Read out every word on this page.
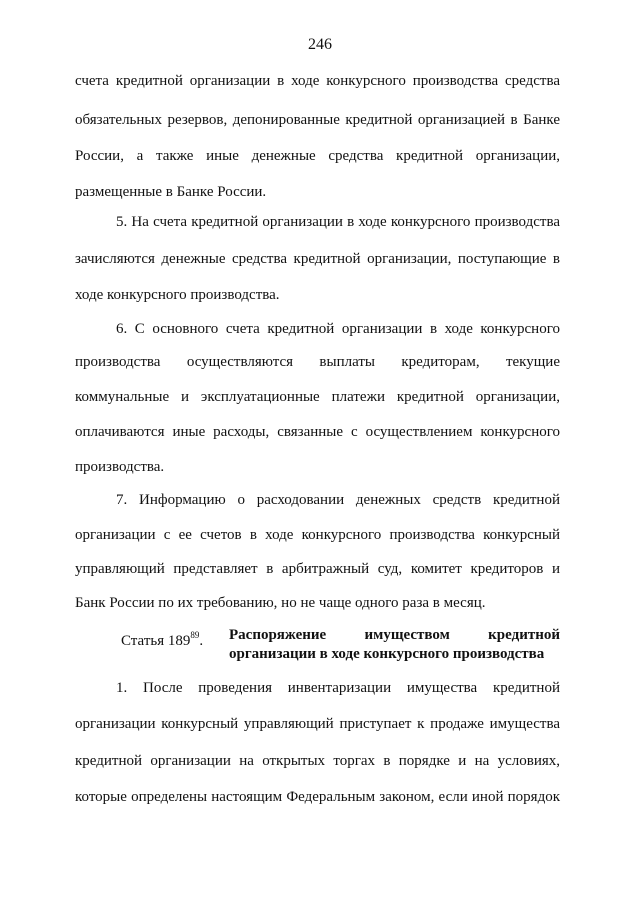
246
счета кредитной организации в ходе конкурсного производства средства
обязательных резервов, депонированные кредитной организацией в Банке
России, а также иные денежные средства кредитной организации,
размещенные в Банке России.
5. На счета кредитной организации в ходе конкурсного производства
зачисляются денежные средства кредитной организации, поступающие в
ходе конкурсного производства.
6. С основного счета кредитной организации в ходе конкурсного
производства осуществляются выплаты кредиторам, текущие
коммунальные и эксплуатационные платежи кредитной организации,
оплачиваются иные расходы, связанные с осуществлением конкурсного
производства.
7. Информацию о расходовании денежных средств кредитной
организации с ее счетов в ходе конкурсного производства конкурсный
управляющий представляет в арбитражный суд, комитет кредиторов и
Банк России по их требованию, но не чаще одного раза в месяц.
Статья $189^{89}$. Распоряжение имуществом кредитной
организации в ходе конкурсного производства
1. После проведения инвентаризации имущества кредитной
организации конкурсный управляющий приступает к продаже имущества
кредитной организации на открытых торгах в порядке и на условиях,
которые определены настоящим Федеральным законом, если иной порядок
